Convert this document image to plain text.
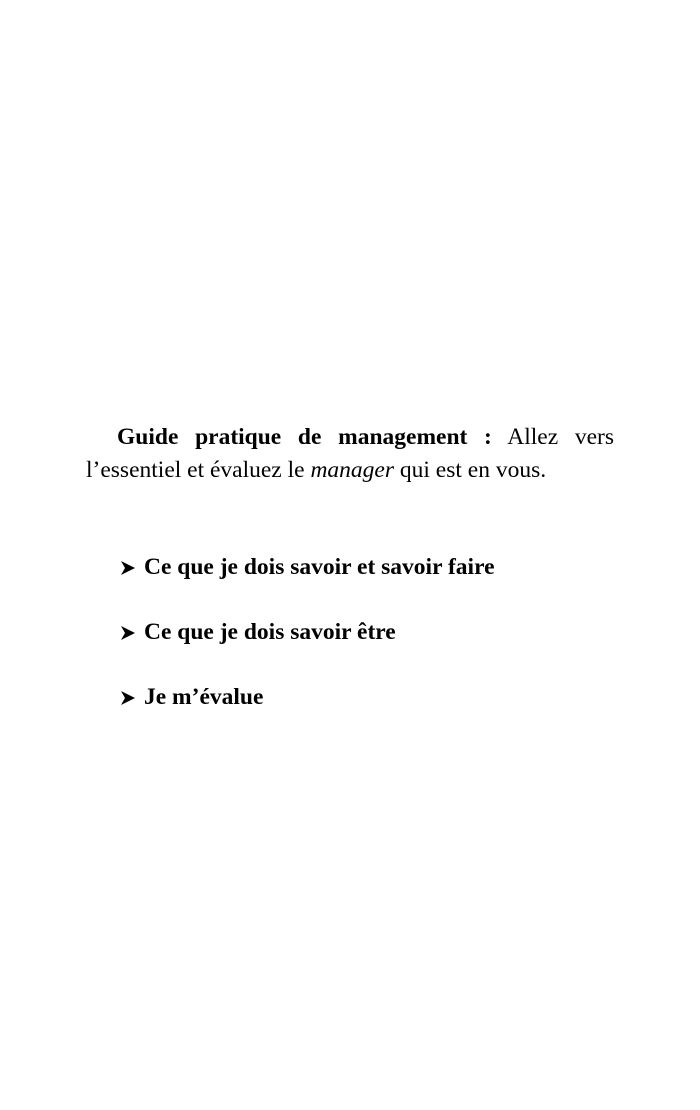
Guide pratique de management : Allez vers
l’essentiel et évaluez le manager qui est en vous.

Ce que je dois savoir et savoir faire
Ce que je dois savoir être
Je m’évalue
